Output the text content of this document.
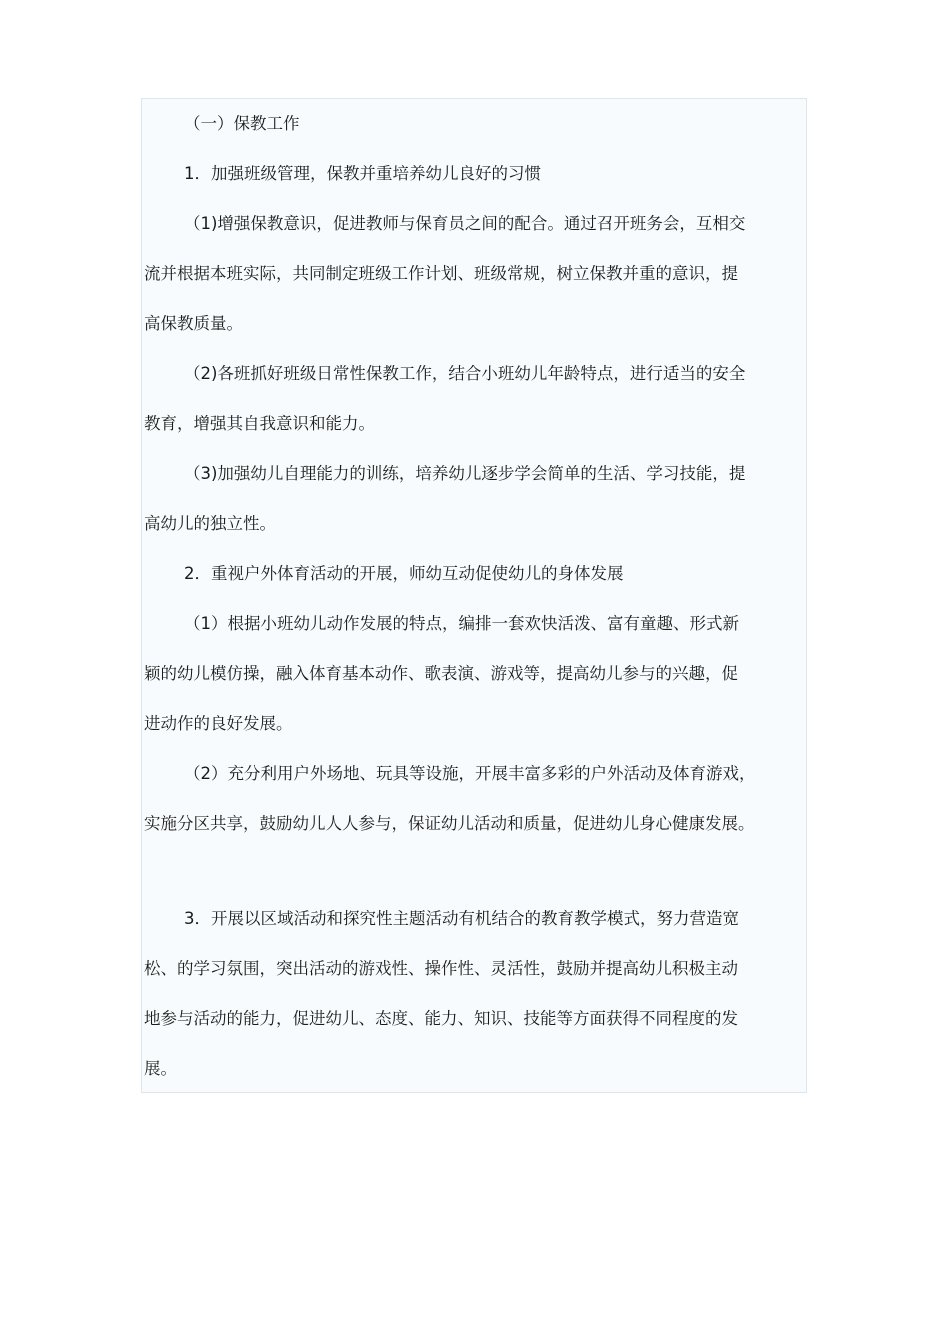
（一）保教工作

1．加强班级管理，保教并重培养幼儿良好的习惯

（1)增强保教意识，促进教师与保育员之间的配合。通过召开班务会，互相交
流并根据本班实际，共同制定班级工作计划、班级常规，树立保教并重的意识，提
高保教质量。

（2)各班抓好班级日常性保教工作，结合小班幼儿年龄特点，进行适当的安全
教育，增强其自我意识和能力。

（3)加强幼儿自理能力的训练，培养幼儿逐步学会简单的生活、学习技能，提
高幼儿的独立性。

2．重视户外体育活动的开展，师幼互动促使幼儿的身体发展

（1）根据小班幼儿动作发展的特点，编排一套欢快活泼、富有童趣、形式新
颖的幼儿模仿操，融入体育基本动作、歌表演、游戏等，提高幼儿参与的兴趣，促
进动作的良好发展。

（2）充分利用户外场地、玩具等设施，开展丰富多彩的户外活动及体育游戏，
实施分区共享，鼓励幼儿人人参与，保证幼儿活动和质量，促进幼儿身心健康发展。

3．开展以区域活动和探究性主题活动有机结合的教育教学模式，努力营造宽
松、的学习氛围，突出活动的游戏性、操作性、灵活性，鼓励并提高幼儿积极主动
地参与活动的能力，促进幼儿、态度、能力、知识、技能等方面获得不同程度的发
展。
